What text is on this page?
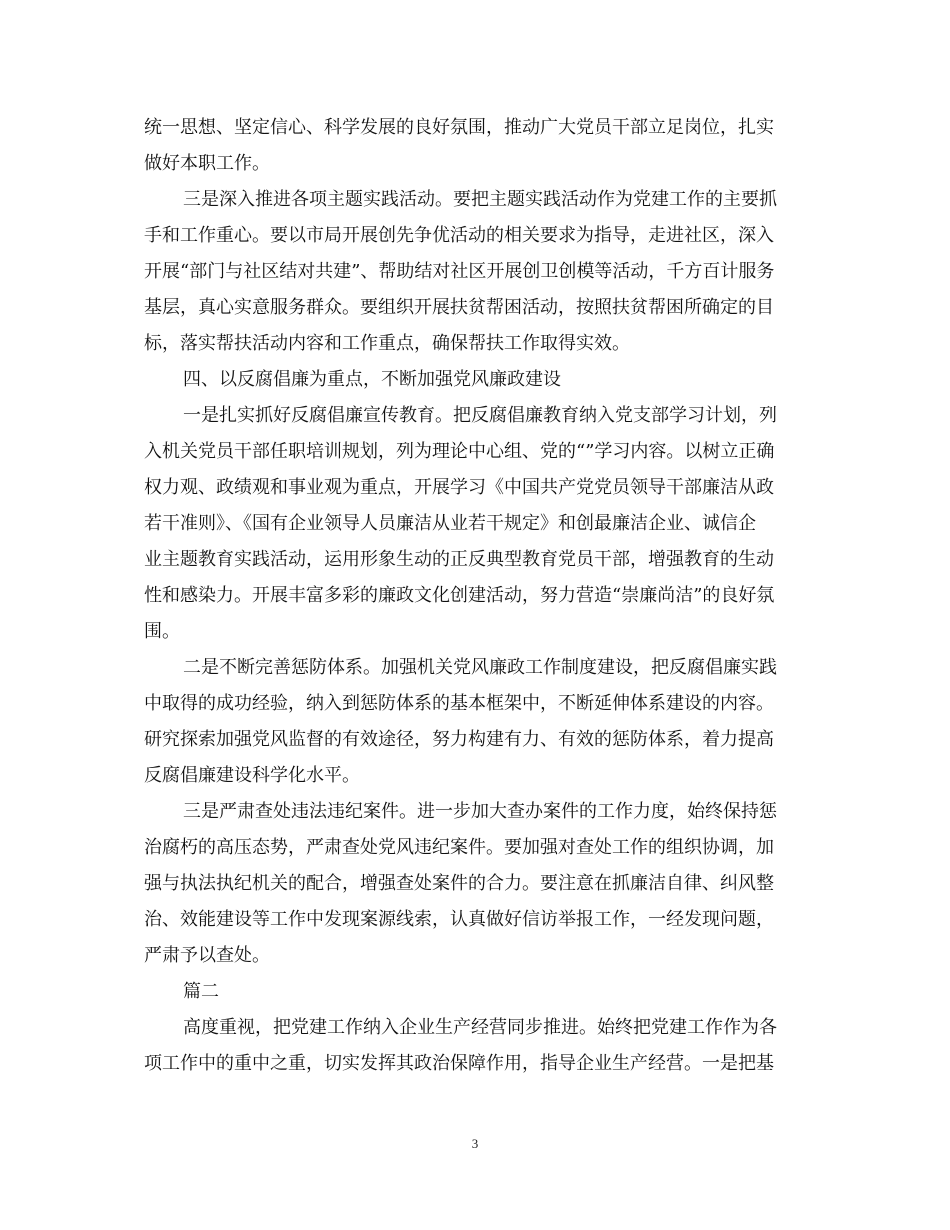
统一思想、坚定信心、科学发展的良好氛围，推动广大党员干部立足岗位，扎实
做好本职工作。
三是深入推进各项主题实践活动。要把主题实践活动作为党建工作的主要抓
手和工作重心。要以市局开展创先争优活动的相关要求为指导，走进社区，深入
开展“部门与社区结对共建”、帮助结对社区开展创卫创模等活动，千方百计服务
基层，真心实意服务群众。要组织开展扶贫帮困活动，按照扶贫帮困所确定的目
标，落实帮扶活动内容和工作重点，确保帮扶工作取得实效。
四、以反腐倡廉为重点，不断加强党风廉政建设
一是扎实抓好反腐倡廉宣传教育。把反腐倡廉教育纳入党支部学习计划，列
入机关党员干部任职培训规划，列为理论中心组、党的“”学习内容。以树立正确
权力观、政绩观和事业观为重点，开展学习《中国共产党党员领导干部廉洁从政
若干准则》、《国有企业领导人员廉洁从业若干规定》和创最廉洁企业、诚信企
业主题教育实践活动，运用形象生动的正反典型教育党员干部，增强教育的生动
性和感染力。开展丰富多彩的廉政文化创建活动，努力营造“崇廉尚洁”的良好氛
围。
二是不断完善惩防体系。加强机关党风廉政工作制度建设，把反腐倡廉实践
中取得的成功经验，纳入到惩防体系的基本框架中，不断延伸体系建设的内容。
研究探索加强党风监督的有效途径，努力构建有力、有效的惩防体系，着力提高
反腐倡廉建设科学化水平。
三是严肃查处违法违纪案件。进一步加大查办案件的工作力度，始终保持惩
治腐朽的高压态势，严肃查处党风违纪案件。要加强对查处工作的组织协调，加
强与执法执纪机关的配合，增强查处案件的合力。要注意在抓廉洁自律、纠风整
治、效能建设等工作中发现案源线索，认真做好信访举报工作，一经发现问题，
严肃予以查处。
篇二
高度重视，把党建工作纳入企业生产经营同步推进。始终把党建工作作为各
项工作中的重中之重，切实发挥其政治保障作用，指导企业生产经营。一是把基
3
